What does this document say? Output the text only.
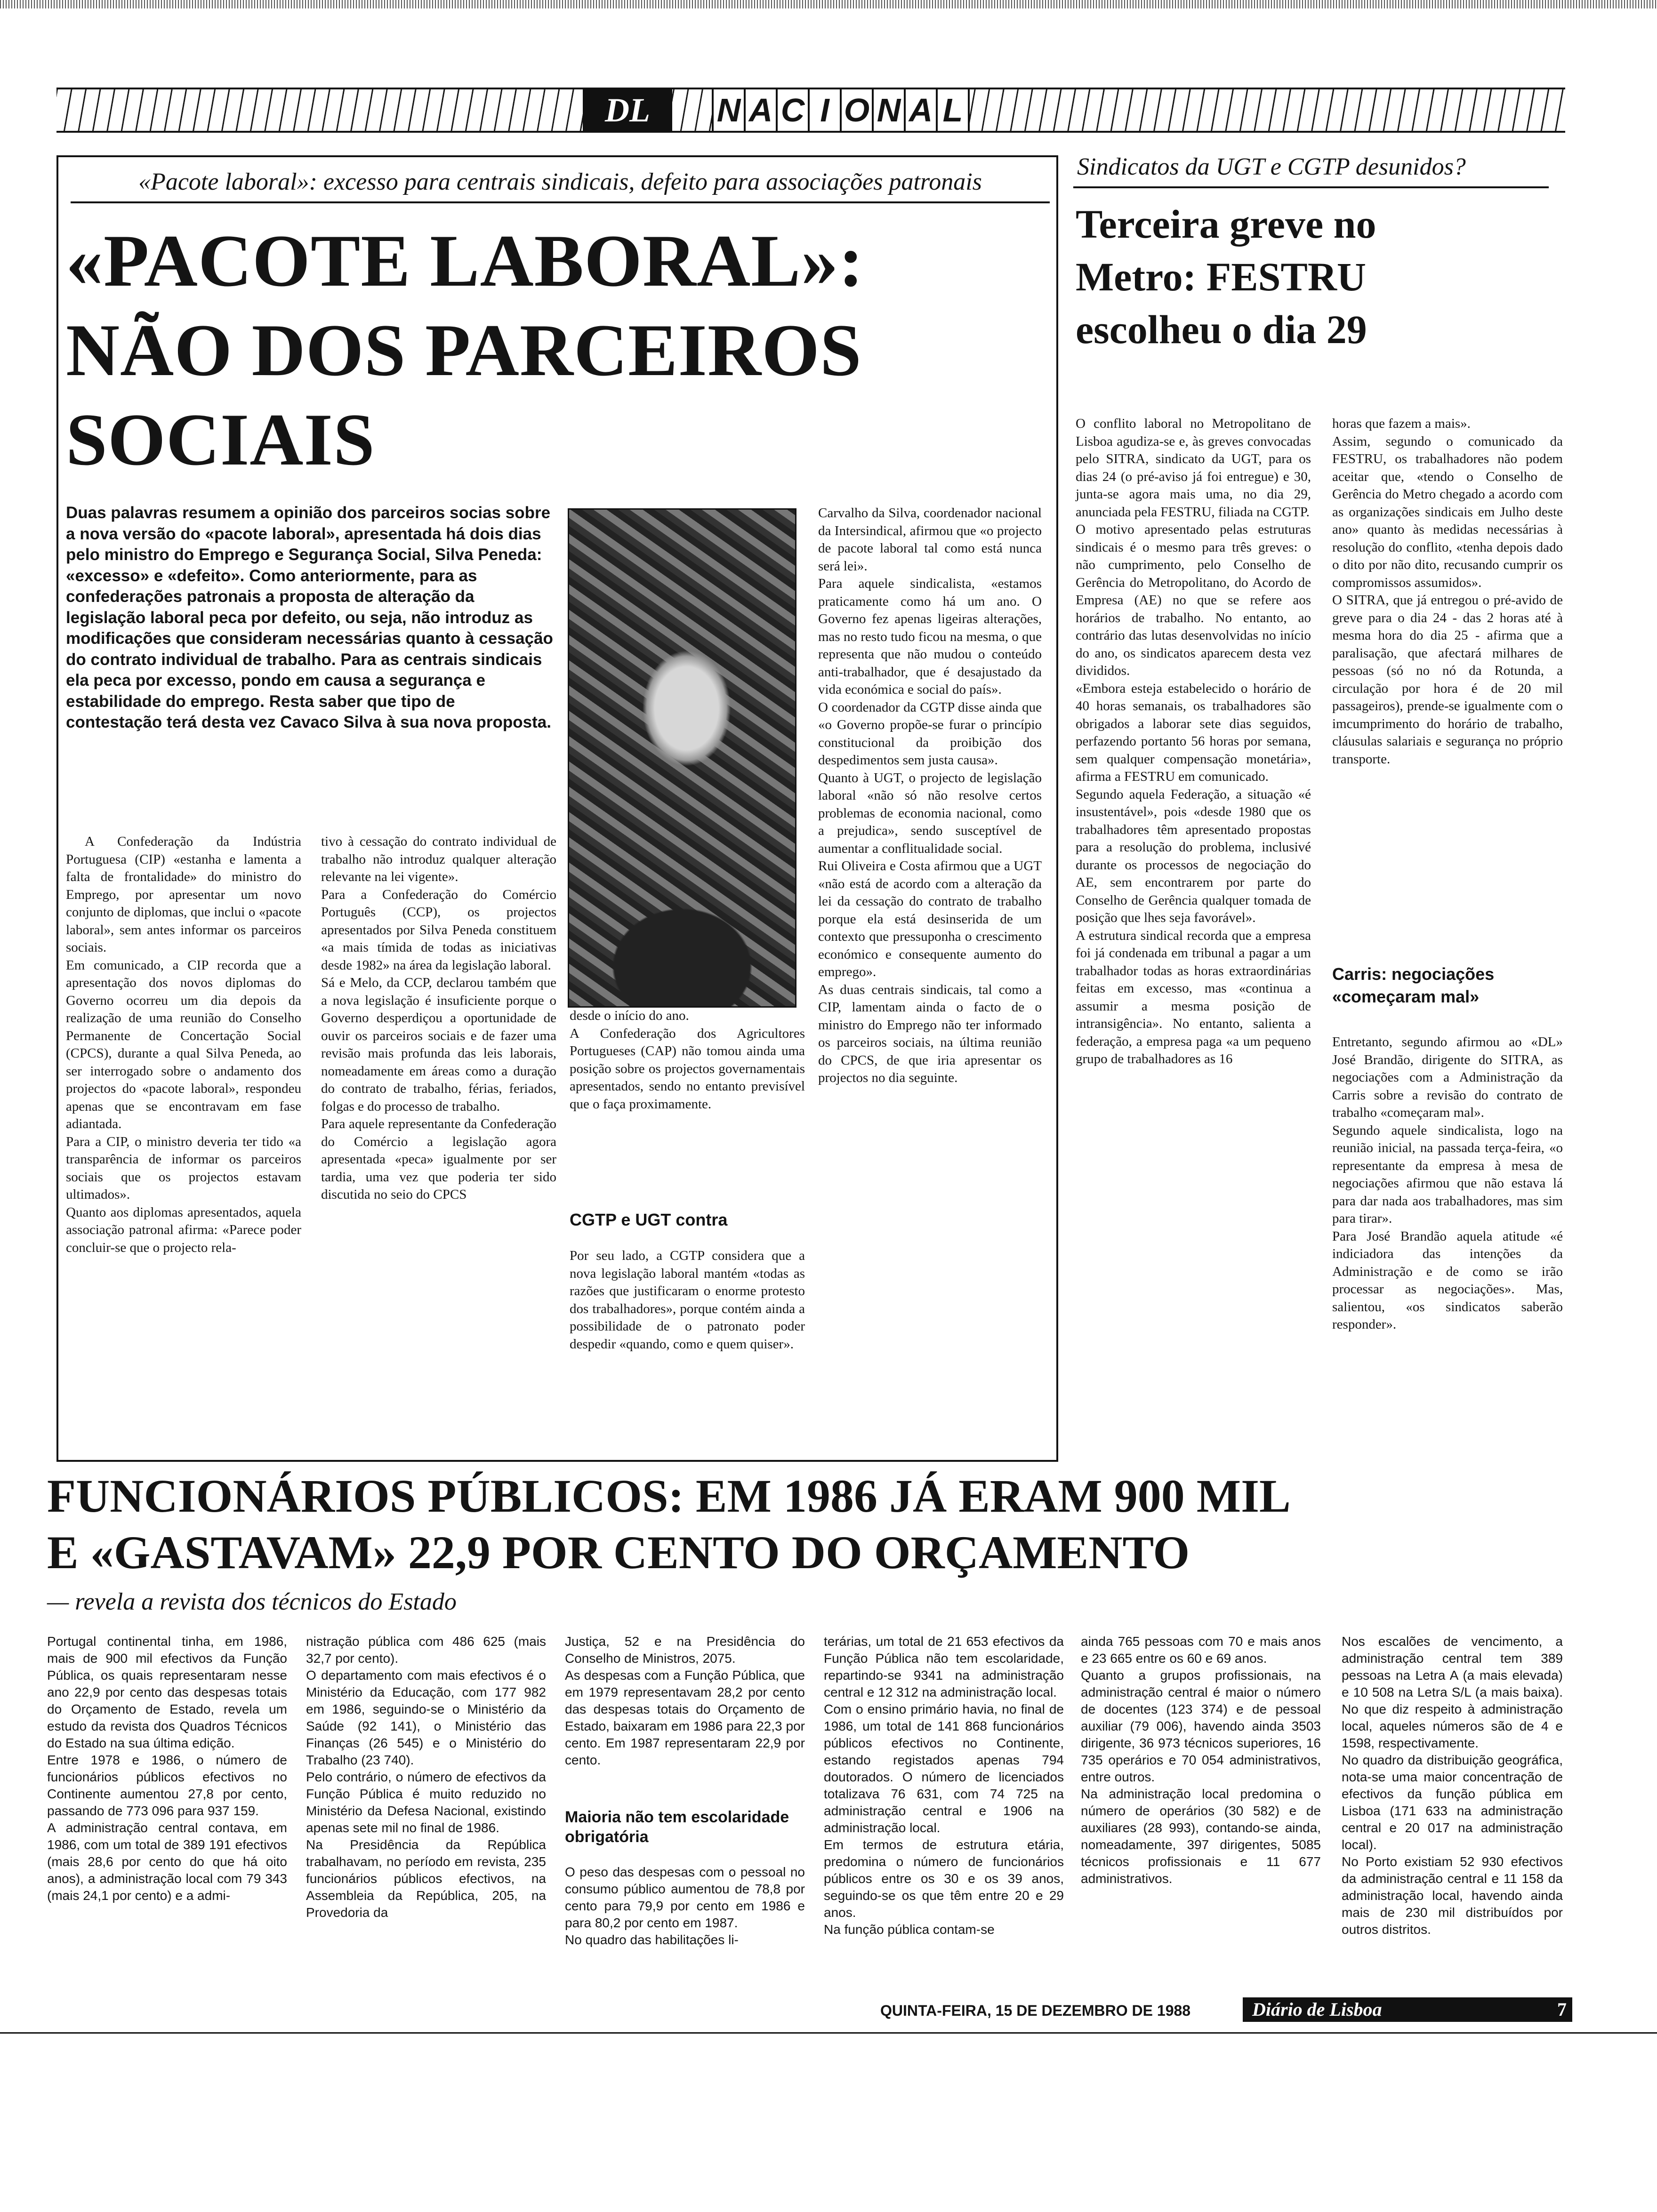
DL	N A C I O N A L
«Pacote laboral»: excesso para centrais sindicais, defeito para associações patronais
«PACOTE LABORAL»: NÃO DOS PARCEIROS SOCIAIS
Duas palavras resumem a opinião dos parceiros socias sobre a nova versão do «pacote laboral», apresentada há dois dias pelo ministro do Emprego e Segurança Social, Silva Peneda: «excesso» e «defeito». Como anteriormente, para as confederações patronais a proposta de alteração da legislação laboral peca por defeito, ou seja, não introduz as modificações que consideram necessárias quanto à cessação do contrato individual de trabalho. Para as centrais sindicais ela peca por excesso, pondo em causa a segurança e estabilidade do emprego. Resta saber que tipo de contestação terá desta vez Cavaco Silva à sua nova proposta.
A Confederação da Indústria Portuguesa (CIP) «estanha e lamenta a falta de frontalidade» do ministro do Emprego, por apresentar um novo conjunto de diplomas, que inclui o «pacote laboral», sem antes informar os parceiros sociais.
Em comunicado, a CIP recorda que a apresentação dos novos diplomas do Governo ocorreu um dia depois da realização de uma reunião do Conselho Permanente de Concertação Social (CPCS), durante a qual Silva Peneda, ao ser interrogado sobre o andamento dos projectos do «pacote laboral», respondeu apenas que se encontravam em fase adiantada.
Para a CIP, o ministro deveria ter tido «a transparência de informar os parceiros sociais que os projectos estavam ultimados».
Quanto aos diplomas apresentados, aquela associação patronal afirma: «Parece poder concluir-se que o projecto rela-
tivo à cessação do contrato individual de trabalho não introduz qualquer alteração relevante na lei vigente».
Para a Confederação do Comércio Português (CCP), os projectos apresentados por Silva Peneda constituem «a mais tímida de todas as iniciativas desde 1982» na área da legislação laboral.
Sá e Melo, da CCP, declarou também que a nova legislação é insuficiente porque o Governo desperdiçou a oportunidade de ouvir os parceiros sociais e de fazer uma revisão mais profunda das leis laborais, nomeadamente em áreas como a duração do contrato de trabalho, férias, feriados, folgas e do processo de trabalho.
Para aquele representante da Confederação do Comércio a legislação agora apresentada «peca» igualmente por ser tardia, uma vez que poderia ter sido discutida no seio do CPCS
desde o início do ano.
A Confederação dos Agricultores Portugueses (CAP) não tomou ainda uma posição sobre os projectos governamentais apresentados, sendo no entanto previsível que o faça proximamente.
CGTP e UGT contra
Por seu lado, a CGTP considera que a nova legislação laboral mantém «todas as razões que justificaram o enorme protesto dos trabalhadores», porque contém ainda a possibilidade de o patronato poder despedir «quando, como e quem quiser».
Carvalho da Silva, coordenador nacional da Intersindical, afirmou que «o projecto de pacote laboral tal como está nunca será lei».
Para aquele sindicalista, «estamos praticamente como há um ano. O Governo fez apenas ligeiras alterações, mas no resto tudo ficou na mesma, o que representa que não mudou o conteúdo anti-trabalhador, que é desajustado da vida económica e social do país».
O coordenador da CGTP disse ainda que «o Governo propõe-se furar o princípio constitucional da proibição dos despedimentos sem justa causa».
Quanto à UGT, o projecto de legislação laboral «não só não resolve certos problemas de economia nacional, como a prejudica», sendo susceptível de aumentar a conflitualidade social.
Rui Oliveira e Costa afirmou que a UGT «não está de acordo com a alteração da lei da cessação do contrato de trabalho porque ela está desinserida de um contexto que pressuponha o crescimento económico e consequente aumento do emprego».
As duas centrais sindicais, tal como a CIP, lamentam ainda o facto de o ministro do Emprego não ter informado os parceiros sociais, na última reunião do CPCS, de que iria apresentar os projectos no dia seguinte.
Sindicatos da UGT e CGTP desunidos?
Terceira greve no Metro: FESTRU escolheu o dia 29
O conflito laboral no Metropolitano de Lisboa agudiza-se e, às greves convocadas pelo SITRA, sindicato da UGT, para os dias 24 (o pré-aviso já foi entregue) e 30, junta-se agora mais uma, no dia 29, anunciada pela FESTRU, filiada na CGTP.
O motivo apresentado pelas estruturas sindicais é o mesmo para três greves: o não cumprimento, pelo Conselho de Gerência do Metropolitano, do Acordo de Empresa (AE) no que se refere aos horários de trabalho. No entanto, ao contrário das lutas desenvolvidas no início do ano, os sindicatos aparecem desta vez divididos.
«Embora esteja estabelecido o horário de 40 horas semanais, os trabalhadores são obrigados a laborar sete dias seguidos, perfazendo portanto 56 horas por semana, sem qualquer compensação monetária», afirma a FESTRU em comunicado.
Segundo aquela Federação, a situação «é insustentável», pois «desde 1980 que os trabalhadores têm apresentado propostas para a resolução do problema, inclusivé durante os processos de negociação do AE, sem encontrarem por parte do Conselho de Gerência qualquer tomada de posição que lhes seja favorável».
A estrutura sindical recorda que a empresa foi já condenada em tribunal a pagar a um trabalhador todas as horas extraordinárias feitas em excesso, mas «continua a assumir a mesma posição de intransigência». No entanto, salienta a federação, a empresa paga «a um pequeno grupo de trabalhadores as 16
horas que fazem a mais».
Assim, segundo o comunicado da FESTRU, os trabalhadores não podem aceitar que, «tendo o Conselho de Gerência do Metro chegado a acordo com as organizações sindicais em Julho deste ano» quanto às medidas necessárias à resolução do conflito, «tenha depois dado o dito por não dito, recusando cumprir os compromissos assumidos».
O SITRA, que já entregou o pré-avido de greve para o dia 24 - das 2 horas até à mesma hora do dia 25 - afirma que a paralisação, que afectará milhares de pessoas (só no nó da Rotunda, a circulação por hora é de 20 mil passageiros), prende-se igualmente com o imcumprimento do horário de trabalho, cláusulas salariais e segurança no próprio transporte.
Carris: negociações «começaram mal»
Entretanto, segundo afirmou ao «DL» José Brandão, dirigente do SITRA, as negociações com a Administração da Carris sobre a revisão do contrato de trabalho «começaram mal».
Segundo aquele sindicalista, logo na reunião inicial, na passada terça-feira, «o representante da empresa à mesa de negociações afirmou que não estava lá para dar nada aos trabalhadores, mas sim para tirar».
Para José Brandão aquela atitude «é indiciadora das intenções da Administração e de como se irão processar as negociações». Mas, salientou, «os sindicatos saberão responder».
FUNCIONÁRIOS PÚBLICOS: EM 1986 JÁ ERAM 900 MIL
E «GASTAVAM» 22,9 POR CENTO DO ORÇAMENTO
— revela a revista dos técnicos do Estado
Portugal continental tinha, em 1986, mais de 900 mil efectivos da Função Pública, os quais representaram nesse ano 22,9 por cento das despesas totais do Orçamento de Estado, revela um estudo da revista dos Quadros Técnicos do Estado na sua última edição.
Entre 1978 e 1986, o número de funcionários públicos efectivos no Continente aumentou 27,8 por cento, passando de 773 096 para 937 159.
A administração central contava, em 1986, com um total de 389 191 efectivos (mais 28,6 por cento do que há oito anos), a administração local com 79 343 (mais 24,1 por cento) e a admi-
nistração pública com 486 625 (mais 32,7 por cento).
O departamento com mais efectivos é o Ministério da Educação, com 177 982 em 1986, seguindo-se o Ministério da Saúde (92 141), o Ministério das Finanças (26 545) e o Ministério do Trabalho (23 740).
Pelo contrário, o número de efectivos da Função Pública é muito reduzido no Ministério da Defesa Nacional, existindo apenas sete mil no final de 1986.
Na Presidência da República trabalhavam, no período em revista, 235 funcionários públicos efectivos, na Assembleia da República, 205, na Provedoria da
Justiça, 52 e na Presidência do Conselho de Ministros, 2075.
As despesas com a Função Pública, que em 1979 representavam 28,2 por cento das despesas totais do Orçamento de Estado, baixaram em 1986 para 22,3 por cento. Em 1987 representaram 22,9 por cento.
Maioria não tem escolaridade obrigatória
O peso das despesas com o pessoal no consumo público aumentou de 78,8 por cento para 79,9 por cento em 1986 e para 80,2 por cento em 1987.
No quadro das habilitações li-
terárias, um total de 21 653 efectivos da Função Pública não tem escolaridade, repartindo-se 9341 na administração central e 12 312 na administração local.
Com o ensino primário havia, no final de 1986, um total de 141 868 funcionários públicos efectivos no Continente, estando registados apenas 794 doutorados. O número de licenciados totalizava 76 631, com 74 725 na administração central e 1906 na administração local.
Em termos de estrutura etária, predomina o número de funcionários públicos entre os 30 e os 39 anos, seguindo-se os que têm entre 20 e 29 anos.
Na função pública contam-se
ainda 765 pessoas com 70 e mais anos e 23 665 entre os 60 e 69 anos.
Quanto a grupos profissionais, na administração central é maior o número de docentes (123 374) e de pessoal auxiliar (79 006), havendo ainda 3503 dirigente, 36 973 técnicos superiores, 16 735 operários e 70 054 administrativos, entre outros.
Na administração local predomina o número de operários (30 582) e de auxiliares (28 993), contando-se ainda, nomeadamente, 397 dirigentes, 5085 técnicos profissionais e 11 677 administrativos.
Nos escalões de vencimento, a administração central tem 389 pessoas na Letra A (a mais elevada) e 10 508 na Letra S/L (a mais baixa). No que diz respeito à administração local, aqueles números são de 4 e 1598, respectivamente.
No quadro da distribuição geográfica, nota-se uma maior concentração de efectivos da função pública em Lisboa (171 633 na administração central e 20 017 na administração local).
No Porto existiam 52 930 efectivos da administração central e 11 158 da administração local, havendo ainda mais de 230 mil distribuídos por outros distritos.
QUINTA-FEIRA, 15 DE DEZEMBRO DE 1988	Diário de Lisboa	7
